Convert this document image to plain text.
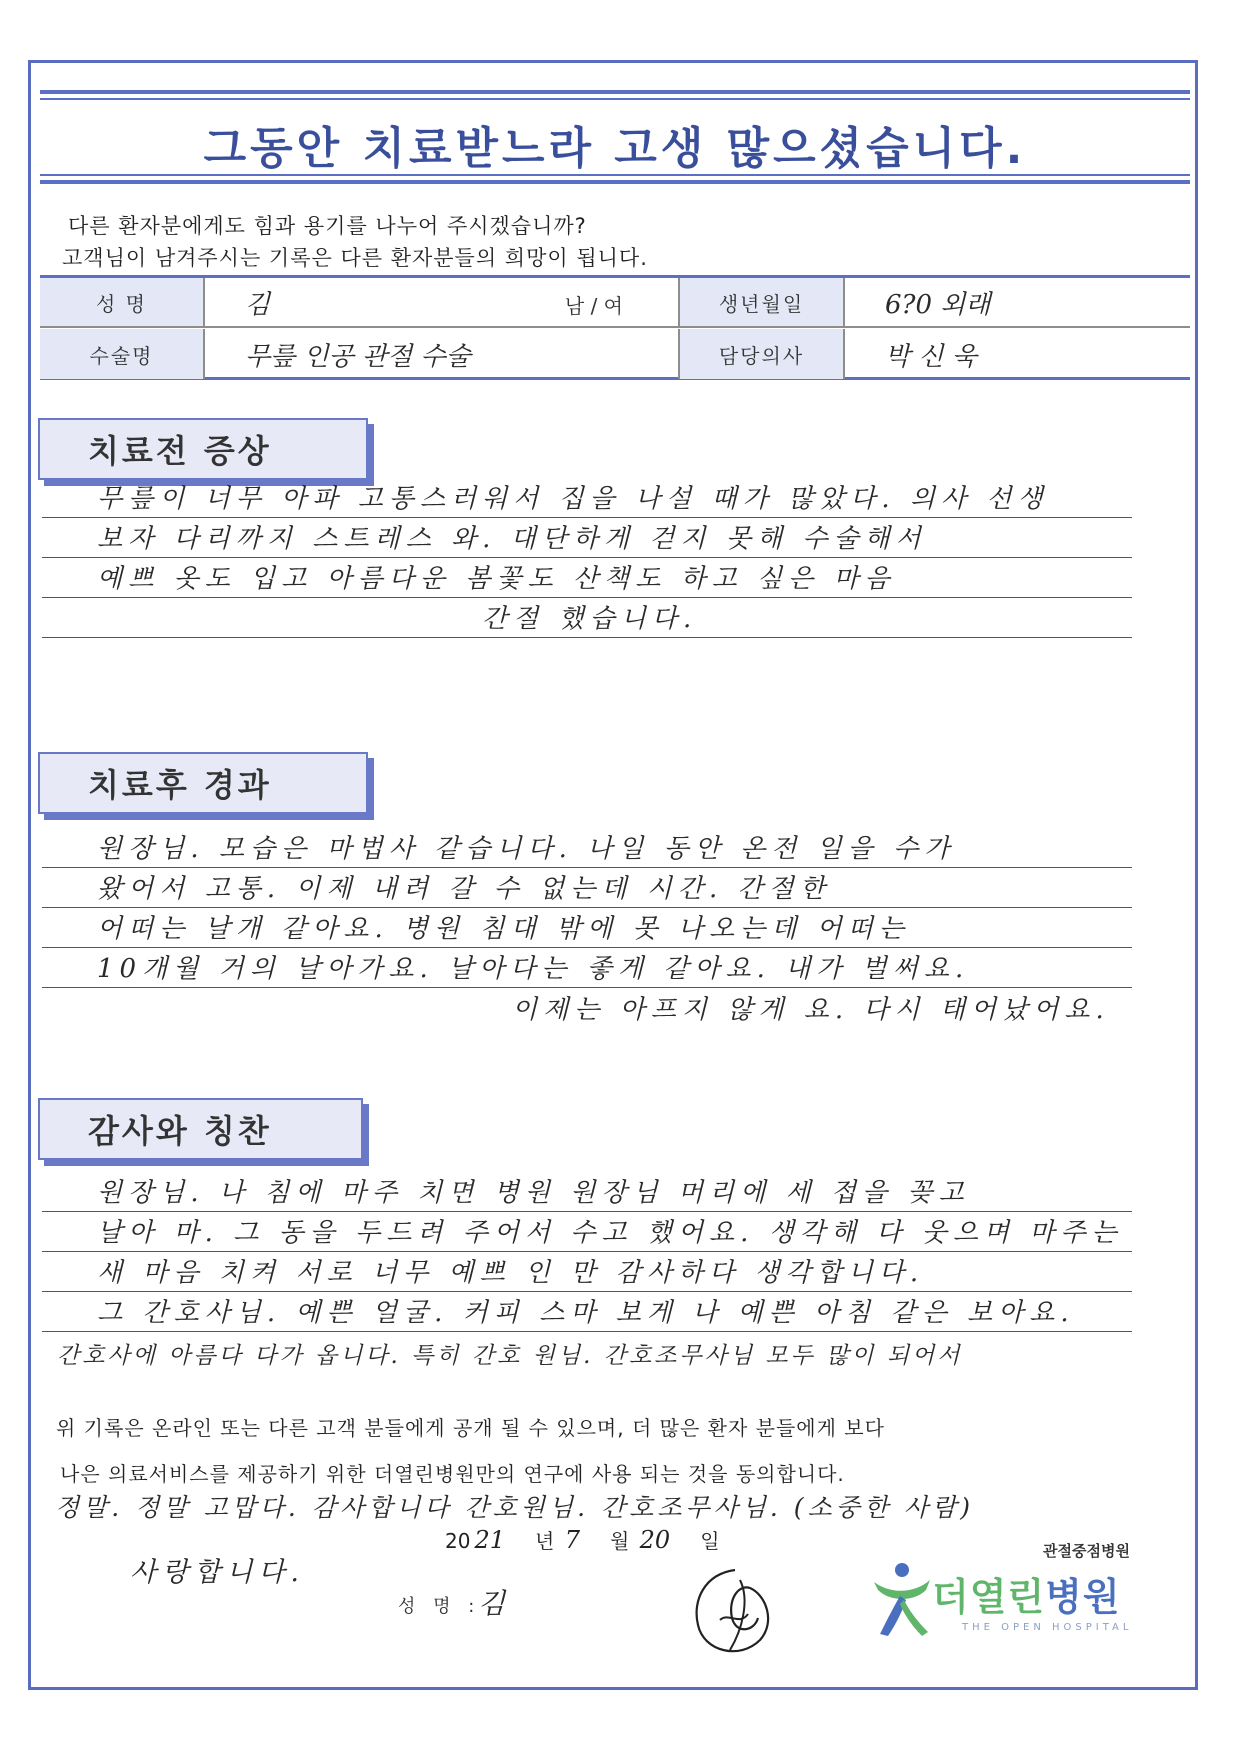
그동안 치료받느라 고생 많으셨습니다.
다른 환자분에게도 힘과 용기를 나누어 주시겠습니까?
고객님이 남겨주시는 기록은 다른 환자분들의 희망이 됩니다.
성 명	김	남 / 여	생년월일	6?0 외래
수술명	무릎 인공 관절 수술	담당의사	박 신 욱
치료전 증상
무릎이 너무 아파 고통스러워서 집을 나설 때가 많았다. 의사 선생
보자 다리까지 스트레스 와. 대단하게 걷지 못해 수술해서
예쁘 옷도 입고 아름다운 봄꽃도 산책도 하고 싶은 마음
간절 했습니다.
치료후 경과
원장님. 모습은 마법사 같습니다. 나일 동안 온전 일을 수가
왔어서 고통. 이제 내려 갈 수 없는데 시간. 간절한
어떠는 날개 같아요. 병원 침대 밖에 못 나오는데 어떠는
10개월 거의 날아가요. 날아다는 좋게 같아요. 내가 벌써요.
이제는 아프지 않게 요. 다시 태어났어요.
감사와 칭찬
원장님. 나 침에 마주 치면 병원 원장님 머리에 세 접을 꽂고
날아 마. 그 동을 두드려 주어서 수고 했어요. 생각해 다 웃으며 마주는
새 마음 치켜 서로 너무 예쁘 인 만 감사하다 생각합니다.
그 간호사님. 예쁜 얼굴. 커피 스마 보게 나 예쁜 아침 같은 보아요.
간호사에 아름다 다가 옵니다. 특히 간호 원님. 간호조무사님 모두 많이 되어서
위 기록은 온라인 또는 다른 고객 분들에게 공개 될 수 있으며, 더 많은 환자 분들에게 보다
나은 의료서비스를 제공하기 위한 더열린병원만의 연구에 사용 되는 것을 동의합니다.
정말. 정말 고맙다. 감사합니다 간호원님. 간호조무사님. (소중한 사람)
사랑합니다.
20 21 년 7 월 20 일
성 명 :
김
관절중점병원
더열린병원
THE OPEN HOSPITAL
